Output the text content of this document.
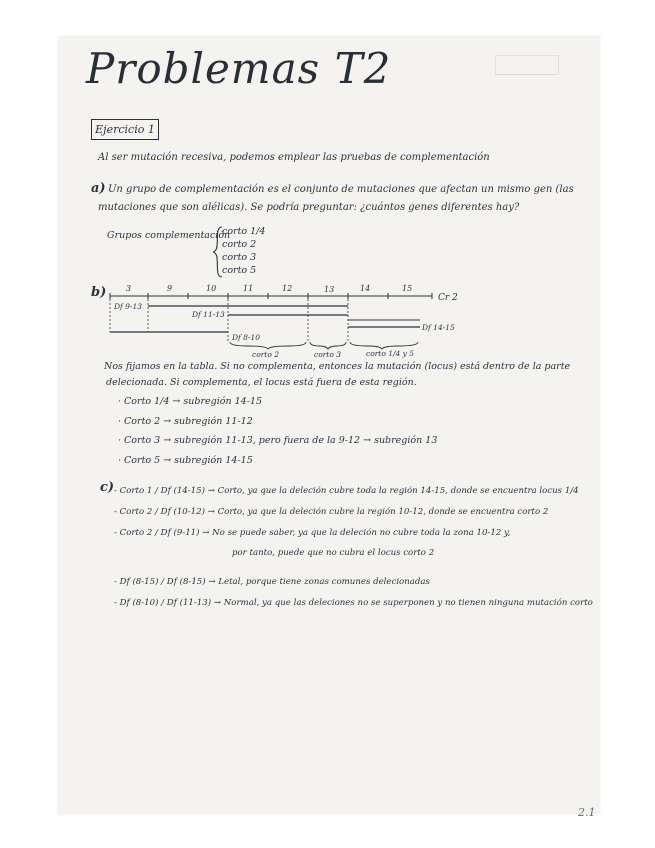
Problemas T2
Ejercicio 1
Al ser mutación recesiva, podemos emplear las pruebas de complementación
a) Un grupo de complementación es el conjunto de mutaciones que afectan un mismo gen (las
mutaciones que son alélicas). Se podría preguntar: ¿cuántos genes diferentes hay?
Grupos complementación
corto 1/4
corto 2
corto 3
corto 5
b) 3	9	10	11	12	13	14	15
Df 9-13
Df 11-13
Df 8-10
Df 14-15
Cr 2
corto 2	corto 3	corto 1/4 y 5
Nos fijamos en la tabla. Si no complementa, entonces la mutación (locus) está dentro de la parte
delecionada. Si complementa, el locus está fuera de esta región.
· Corto 1/4 → subregión 14-15
· Corto 2 → subregión 11-12
· Corto 3 → subregión 11-13, pero fuera de la 9-12 → subregión 13
· Corto 5 → subregión 14-15
c) - Corto 1 / Df (14-15) → Corto, ya que la deleción cubre toda la región 14-15, donde se encuentra locus 1/4
- Corto 2 / Df (10-12) → Corto, ya que la deleción cubre la región 10-12, donde se encuentra corto 2
- Corto 2 / Df (9-11) → No se puede saber, ya que la deleción no cubre toda la zona 10-12 y,
por tanto, puede que no cubra el locus corto 2
- Df (8-15) / Df (8-15) → Letal, porque tiene zonas comunes delecionadas
- Df (8-10) / Df (11-13) → Normal, ya que las deleciones no se superponen y no tienen ninguna mutación corto
2.1
